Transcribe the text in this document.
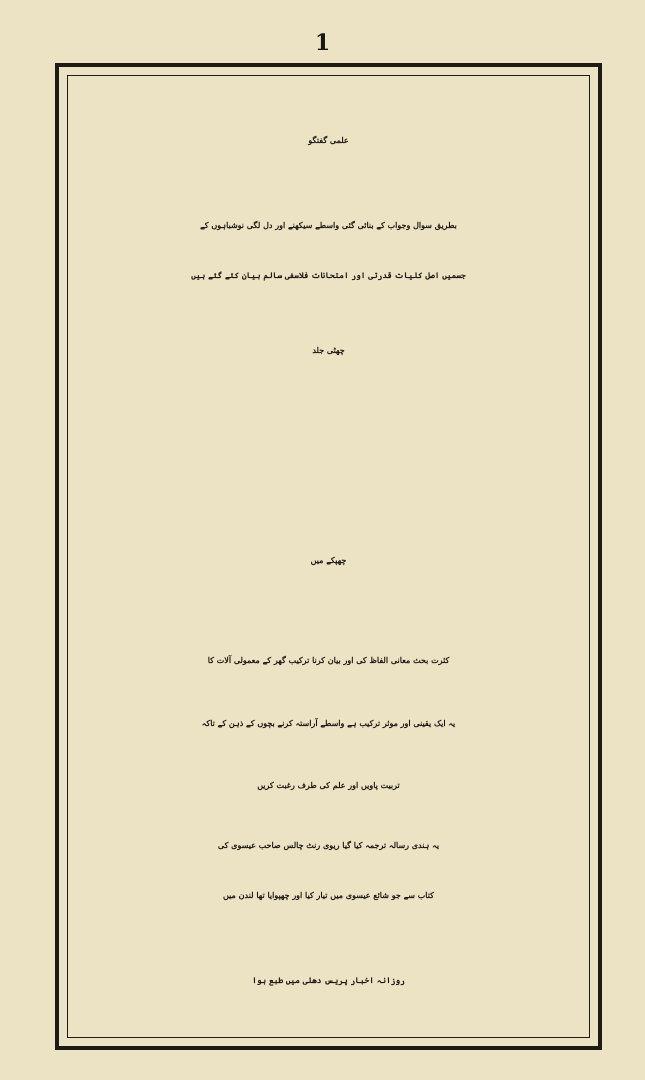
1
علمی گفتگو
بطریق سوال وجواب کے بنائی گئی واسطے سیکھنے اور دل لگی نوشباہوں کے
جسمیں اصل کلیات قدرتی اور امتحانات فلاسفی سالم بیان کئے گئے ہیں
چھٹی جلد
چھپکے میں
کثرت بحث معانی الفاظ کی اور بیان کرنا ترکیب گھر کے معمولی آلات کا
یہ ایک یقینی اور موثر ترکیب ہے واسطے آراستہ کرنے بچوں کے ذہن کے تاکہ
تربیت پاویں اور علم کی طرف رغبت کریں
یہ ہندی رسالہ ترجمہ کیا گیا ریوی رنٹ چالس صاحب عیسوی کی
کتاب سے جو شائع عیسوی میں تیار کیا اور چھپوایا تھا لندن میں
روزانہ اخبار پریس دھلی میں طبع ہوا
